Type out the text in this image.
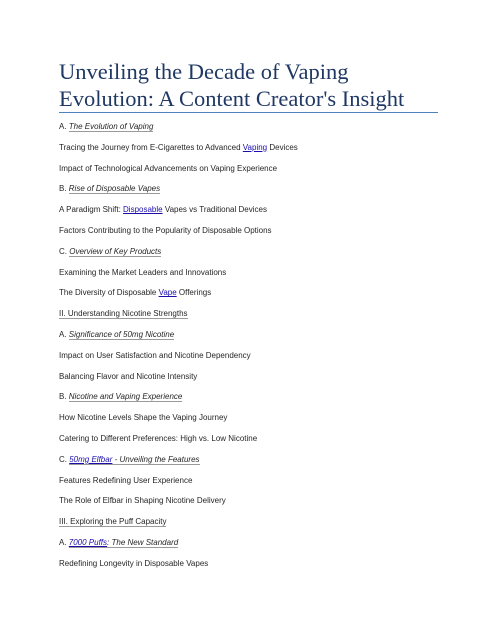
Unveiling the Decade of Vaping
Evolution: A Content Creator's Insight
A. The Evolution of Vaping
Tracing the Journey from E-Cigarettes to Advanced Vaping Devices
Impact of Technological Advancements on Vaping Experience
B. Rise of Disposable Vapes
A Paradigm Shift: Disposable Vapes vs Traditional Devices
Factors Contributing to the Popularity of Disposable Options
C. Overview of Key Products
Examining the Market Leaders and Innovations
The Diversity of Disposable Vape Offerings
II. Understanding Nicotine Strengths
A. Significance of 50mg Nicotine
Impact on User Satisfaction and Nicotine Dependency
Balancing Flavor and Nicotine Intensity
B. Nicotine and Vaping Experience
How Nicotine Levels Shape the Vaping Journey
Catering to Different Preferences: High vs. Low Nicotine
C. 50mg Elfbar - Unveiling the Features
Features Redefining User Experience
The Role of Elfbar in Shaping Nicotine Delivery
III. Exploring the Puff Capacity
A. 7000 Puffs: The New Standard
Redefining Longevity in Disposable Vapes
